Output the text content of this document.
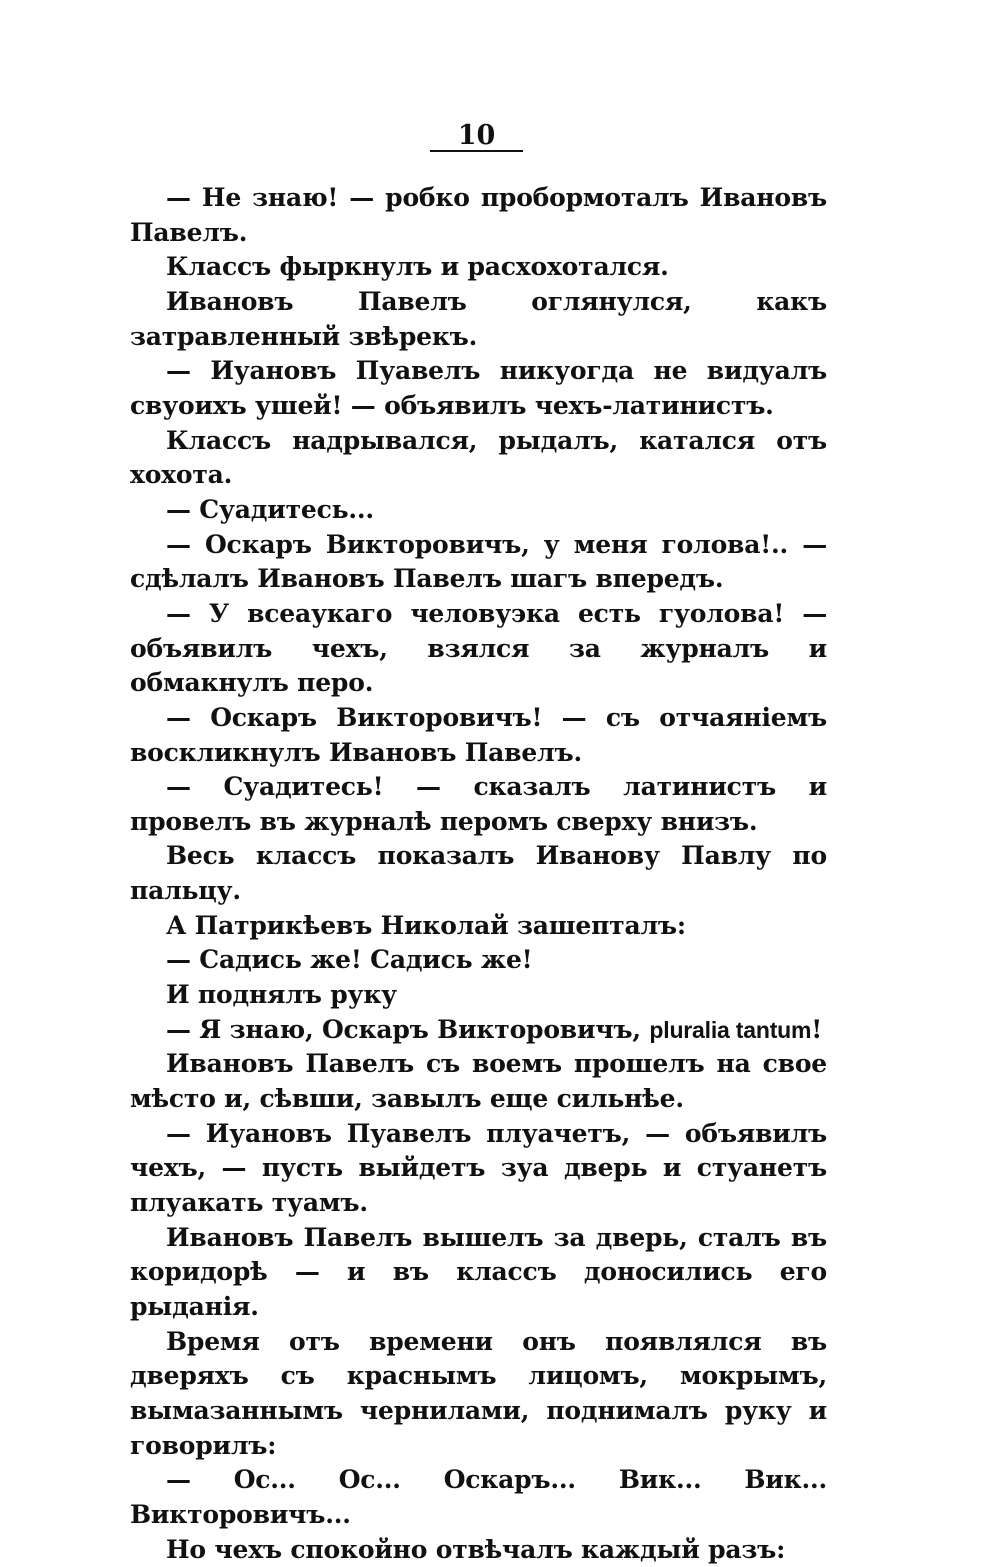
10

— Не знаю! — робко пробормоталъ Ивановъ Павелъ.

Классъ фыркнулъ и расхохотался.

Ивановъ Павелъ оглянулся, какъ затравленный звѣрекъ.

— Иуановъ Пуавелъ никуогда не видуалъ свуоихъ ушей! — объявилъ чехъ-латинистъ.

Классъ надрывался, рыдалъ, катался отъ хохота.

— Суадитесь...

— Оскаръ Викторовичъ, у меня голова!.. — сдѣлалъ Ивановъ Павелъ шагъ впередъ.

— У всеаукаго человуэка есть гуолова! — объявилъ чехъ, взялся за журналъ и обмакнулъ перо.

— Оскаръ Викторовичъ! — съ отчаяніемъ воскликнулъ Ивановъ Павелъ.

— Суадитесь! — сказалъ латинистъ и провелъ въ журналѣ перомъ сверху внизъ.

Весь классъ показалъ Иванову Павлу по пальцу.

А Патрикѣевъ Николай зашепталъ:

— Садись же! Садись же!

И поднялъ руку

— Я знаю, Оскаръ Викторовичъ, pluralia tantum!

Ивановъ Павелъ съ воемъ прошелъ на свое мѣсто и, сѣвши, завылъ еще сильнѣе.

— Иуановъ Пуавелъ плуачетъ, — объявилъ чехъ, — пусть выйдетъ зуа дверь и стуанетъ плуакать туамъ.

Ивановъ Павелъ вышелъ за дверь, сталъ въ коридорѣ — и въ классъ доносились его рыданія.

Время отъ времени онъ появлялся въ дверяхъ съ краснымъ лицомъ, мокрымъ, вымазаннымъ чернилами, поднималъ руку и говорилъ:

— Ос... Ос... Оскаръ... Вик... Вик... Викторовичъ...

Но чехъ спокойно отвѣчалъ каждый разъ:
